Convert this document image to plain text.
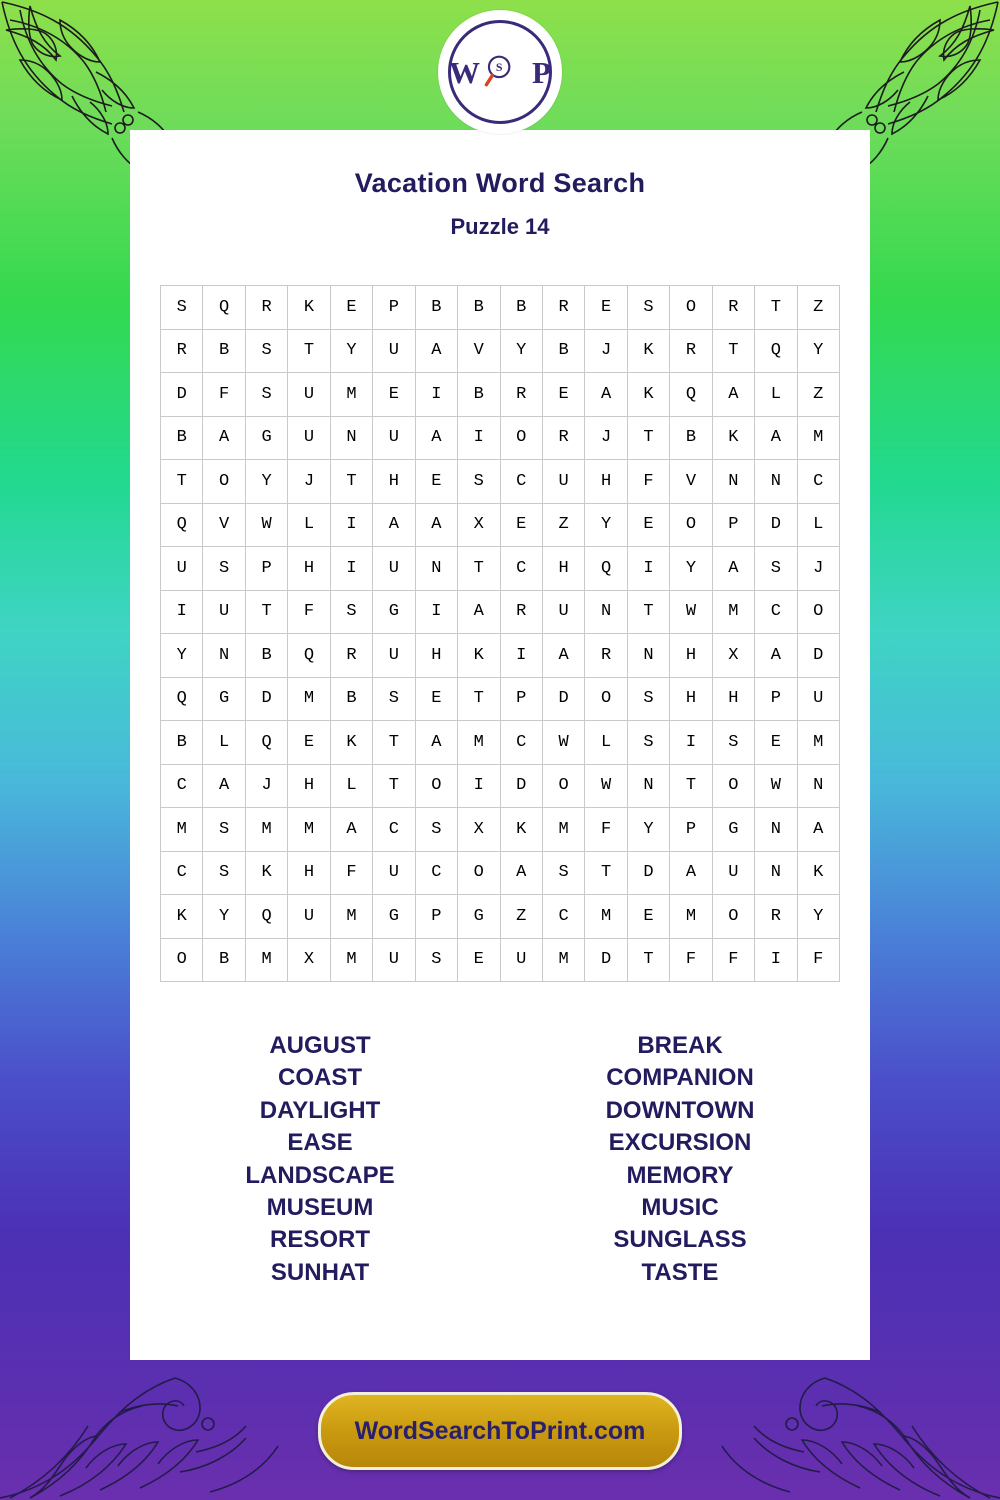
W P
S
Vacation Word Search
Puzzle 14
S	Q	R	K	E	P	B	B	B	R	E	S	O	R	T	Z
R	B	S	T	Y	U	A	V	Y	B	J	K	R	T	Q	Y
D	F	S	U	M	E	I	B	R	E	A	K	Q	A	L	Z
B	A	G	U	N	U	A	I	O	R	J	T	B	K	A	M
T	O	Y	J	T	H	E	S	C	U	H	F	V	N	N	C
Q	V	W	L	I	A	A	X	E	Z	Y	E	O	P	D	L
U	S	P	H	I	U	N	T	C	H	Q	I	Y	A	S	J
I	U	T	F	S	G	I	A	R	U	N	T	W	M	C	O
Y	N	B	Q	R	U	H	K	I	A	R	N	H	X	A	D
Q	G	D	M	B	S	E	T	P	D	O	S	H	H	P	U
B	L	Q	E	K	T	A	M	C	W	L	S	I	S	E	M
C	A	J	H	L	T	O	I	D	O	W	N	T	O	W	N
M	S	M	M	A	C	S	X	K	M	F	Y	P	G	N	A
C	S	K	H	F	U	C	O	A	S	T	D	A	U	N	K
K	Y	Q	U	M	G	P	G	Z	C	M	E	M	O	R	Y
O	B	M	X	M	U	S	E	U	M	D	T	F	F	I	F
AUGUST
COAST
DAYLIGHT
EASE
LANDSCAPE
MUSEUM
RESORT
SUNHAT
BREAK
COMPANION
DOWNTOWN
EXCURSION
MEMORY
MUSIC
SUNGLASS
TASTE
WordSearchToPrint.com
